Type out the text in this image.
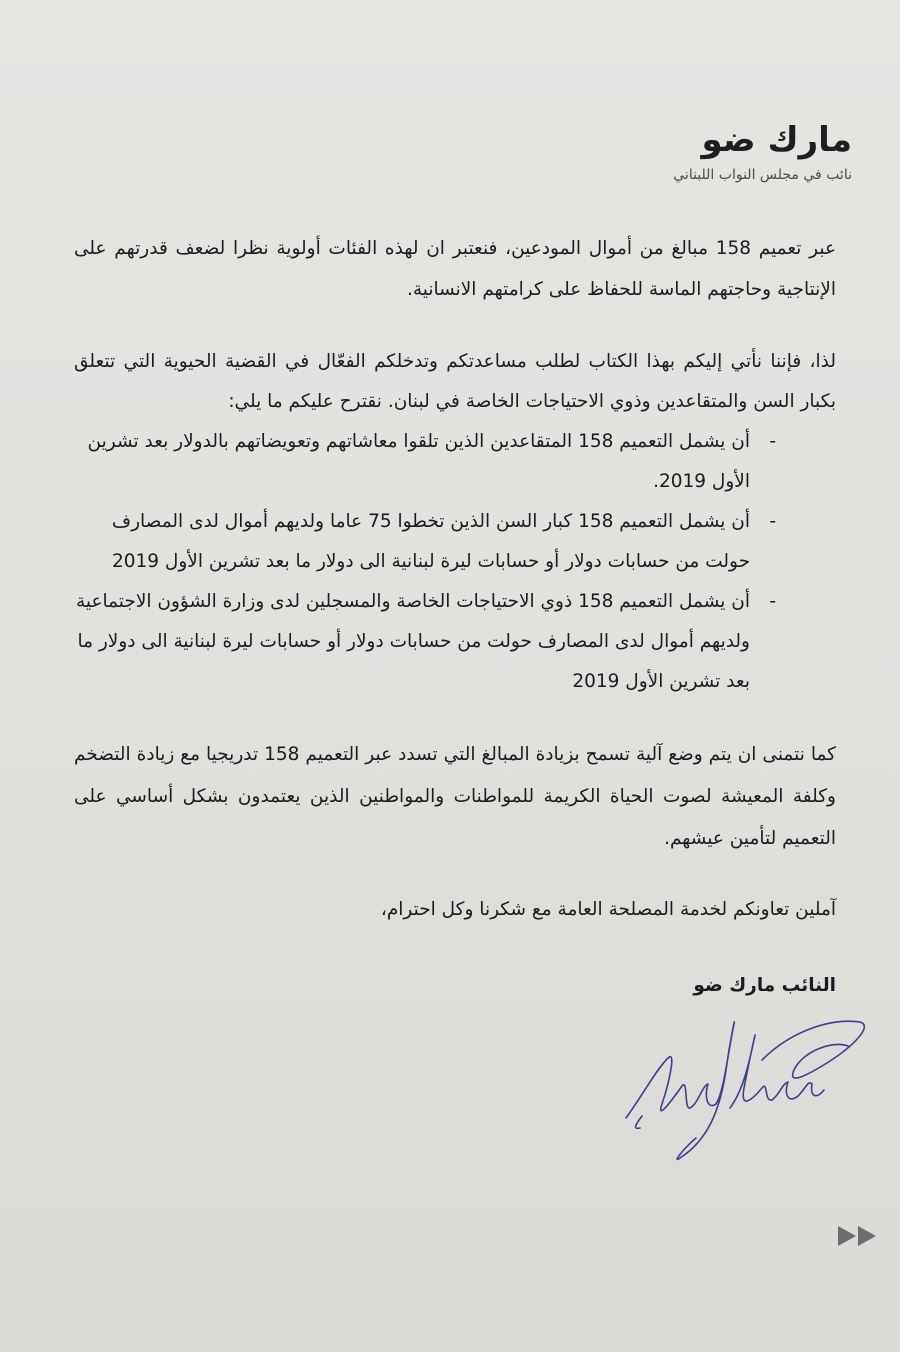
مارك ضو
نائب في مجلس النواب اللبناني

عبر تعميم 158 مبالغ من أموال المودعين، فنعتبر ان لهذه الفئات أولوية نظرا لضعف قدرتهم على الإنتاجية وحاجتهم الماسة للحفاظ على كرامتهم الانسانية.

لذا، فإننا نأتي إليكم بهذا الكتاب لطلب مساعدتكم وتدخلكم الفعّال في القضية الحيوية التي تتعلق بكبار السن والمتقاعدين وذوي الاحتياجات الخاصة في لبنان. نقترح عليكم ما يلي:

-
أن يشمل التعميم 158 المتقاعدين الذين تلقوا معاشاتهم وتعويضاتهم بالدولار بعد تشرين الأول 2019.
-
أن يشمل التعميم 158 كبار السن الذين تخطوا 75 عاما ولديهم أموال لدى المصارف حولت من حسابات دولار أو حسابات ليرة لبنانية الى دولار ما بعد تشرين الأول 2019
-
أن يشمل التعميم 158 ذوي الاحتياجات الخاصة والمسجلين لدى وزارة الشؤون الاجتماعية ولديهم أموال لدى المصارف حولت من حسابات دولار أو حسابات ليرة لبنانية الى دولار ما بعد تشرين الأول 2019

كما نتمنى ان يتم وضع آلية تسمح بزيادة المبالغ التي تسدد عبر التعميم 158 تدريجيا مع زيادة التضخم وكلفة المعيشة لصوت الحياة الكريمة للمواطنات والمواطنين الذين يعتمدون بشكل أساسي على التعميم لتأمين عيشهم.

آملين تعاونكم لخدمة المصلحة العامة مع شكرنا وكل احترام،

النائب مارك ضو
